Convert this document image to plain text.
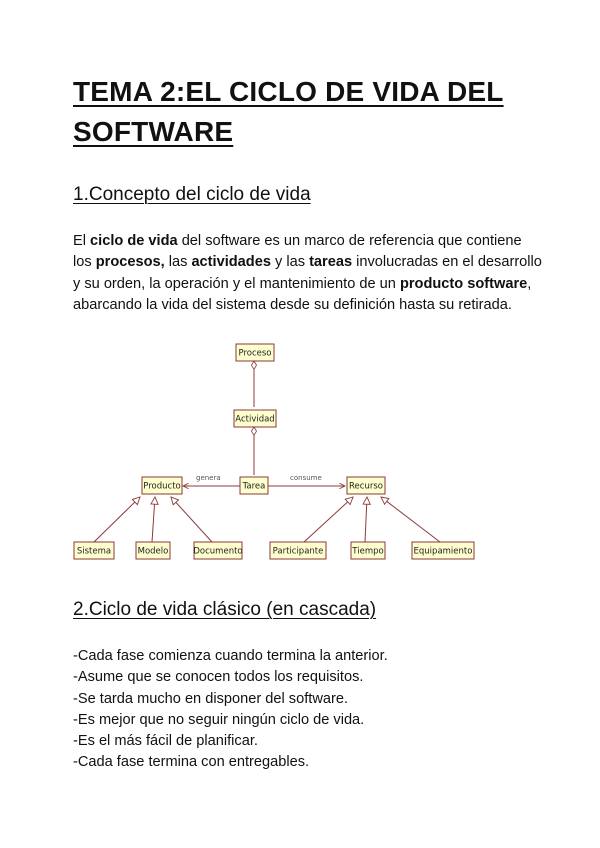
TEMA 2:EL CICLO DE VIDA DEL SOFTWARE
1.Concepto del ciclo de vida

El ciclo de vida del software es un marco de referencia que contiene los procesos, las actividades y las tareas involucradas en el desarrollo y su orden, la operación y el mantenimiento de un producto software, abarcando la vida del sistema desde su definición hasta su retirada.

genera	consume
Proceso
Actividad
Tarea
Producto	Recurso
Sistema	Modelo	Documento	Participante	Tiempo	Equipamiento
2.Ciclo de vida clásico (en cascada)
-Cada fase comienza cuando termina la anterior.
-Asume que se conocen todos los requisitos.
-Se tarda mucho en disponer del software.
-Es mejor que no seguir ningún ciclo de vida.
-Es el más fácil de planificar.
-Cada fase termina con entregables.
